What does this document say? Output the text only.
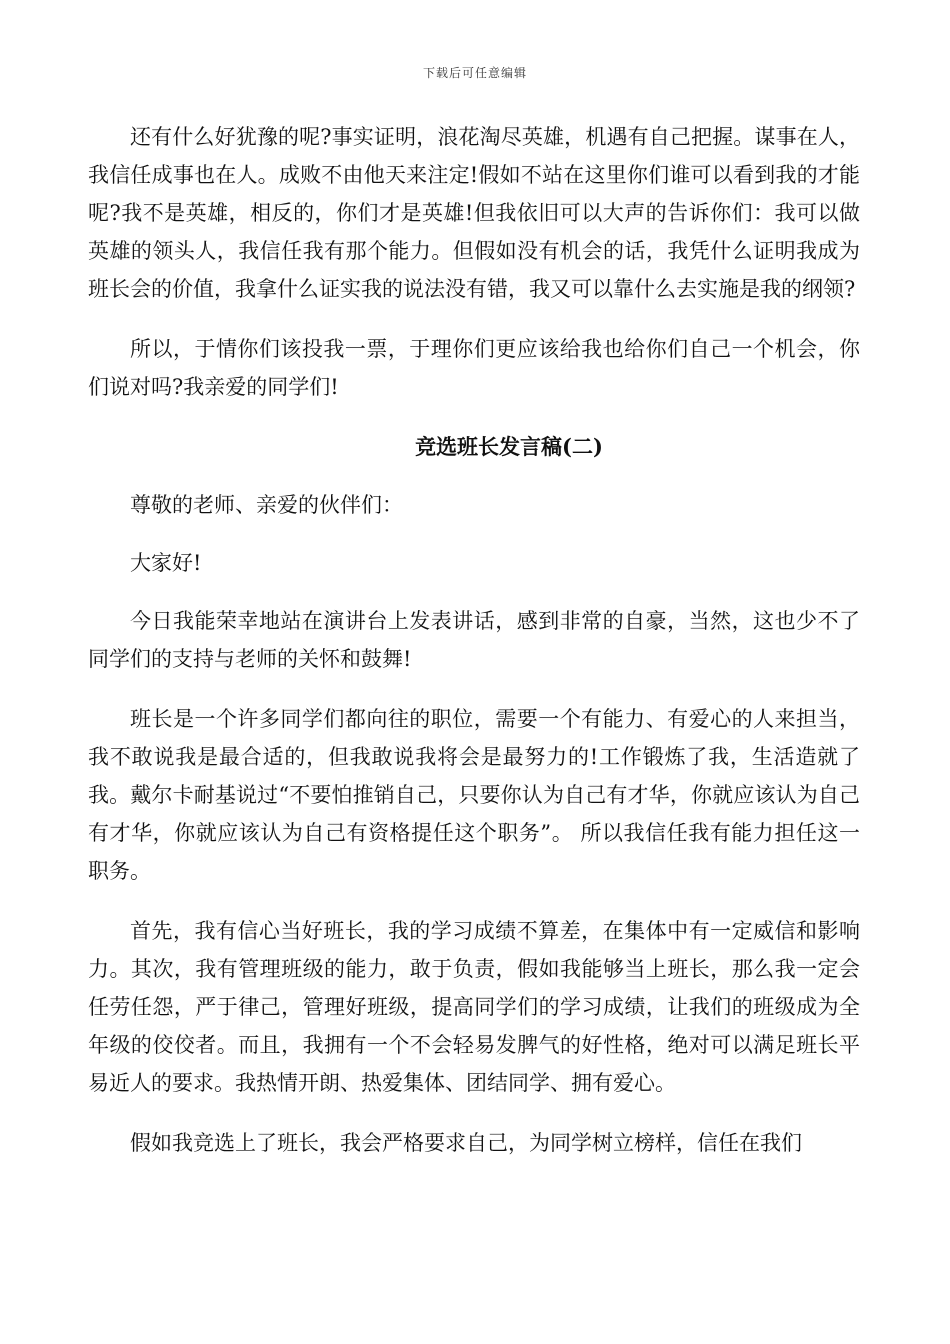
下载后可任意编辑

还有什么好犹豫的呢?事实证明，浪花淘尽英雄，机遇有自己把握。谋事在人，我信任成事也在人。成败不由他天来注定!假如不站在这里你们谁可以看到我的才能呢?我不是英雄，相反的，你们才是英雄!但我依旧可以大声的告诉你们：我可以做英雄的领头人，我信任我有那个能力。但假如没有机会的话，我凭什么证明我成为班长会的价值，我拿什么证实我的说法没有错，我又可以靠什么去实施是我的纲领?

所以，于情你们该投我一票，于理你们更应该给我也给你们自己一个机会，你们说对吗?我亲爱的同学们!

竞选班长发言稿(二)

尊敬的老师、亲爱的伙伴们：

大家好!

今日我能荣幸地站在演讲台上发表讲话，感到非常的自豪，当然，这也少不了同学们的支持与老师的关怀和鼓舞!

班长是一个许多同学们都向往的职位，需要一个有能力、有爱心的人来担当，我不敢说我是最合适的，但我敢说我将会是最努力的!工作锻炼了我，生活造就了我。戴尔卡耐基说过“不要怕推销自己，只要你认为自己有才华，你就应该认为自己有才华，你就应该认为自己有资格提任这个职务”。 所以我信任我有能力担任这一职务。

首先，我有信心当好班长，我的学习成绩不算差，在集体中有一定威信和影响力。其次，我有管理班级的能力，敢于负责，假如我能够当上班长，那么我一定会任劳任怨，严于律己，管理好班级，提高同学们的学习成绩，让我们的班级成为全年级的佼佼者。而且，我拥有一个不会轻易发脾气的好性格，绝对可以满足班长平易近人的要求。我热情开朗、热爱集体、团结同学、拥有爱心。

假如我竞选上了班长，我会严格要求自己，为同学树立榜样，信任在我们
